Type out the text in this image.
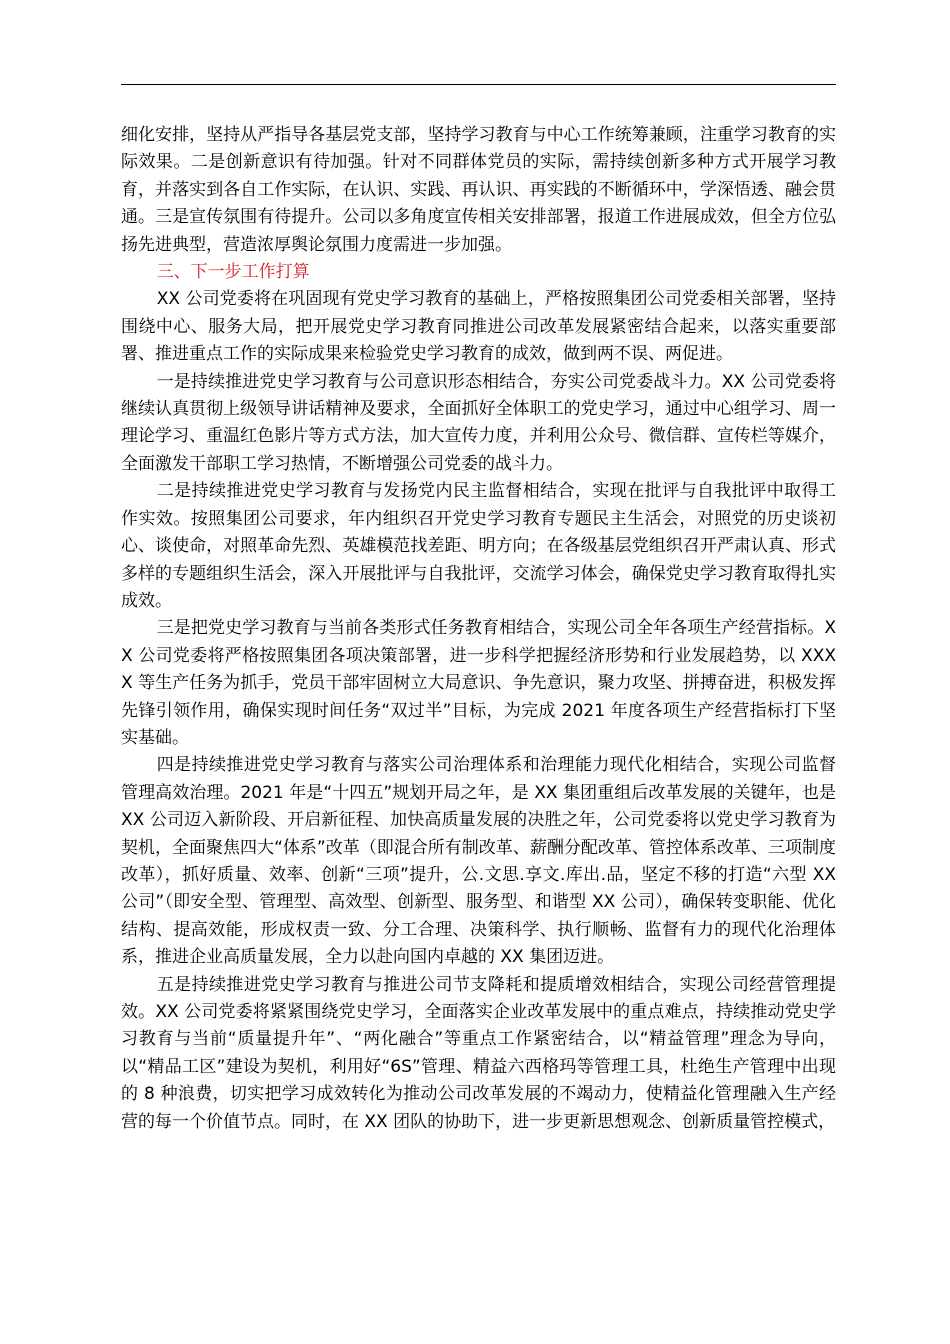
细化安排，坚持从严指导各基层党支部，坚持学习教育与中心工作统筹兼顾，注重学习教育的实际效果。二是创新意识有待加强。针对不同群体党员的实际，需持续创新多种方式开展学习教育，并落实到各自工作实际，在认识、实践、再认识、再实践的不断循环中，学深悟透、融会贯通。三是宣传氛围有待提升。公司以多角度宣传相关安排部署，报道工作进展成效，但全方位弘扬先进典型，营造浓厚舆论氛围力度需进一步加强。

三、下一步工作打算

XX 公司党委将在巩固现有党史学习教育的基础上，严格按照集团公司党委相关部署，坚持围绕中心、服务大局，把开展党史学习教育同推进公司改革发展紧密结合起来，以落实重要部署、推进重点工作的实际成果来检验党史学习教育的成效，做到两不误、两促进。

一是持续推进党史学习教育与公司意识形态相结合，夯实公司党委战斗力。XX 公司党委将继续认真贯彻上级领导讲话精神及要求，全面抓好全体职工的党史学习，通过中心组学习、周一理论学习、重温红色影片等方式方法，加大宣传力度，并利用公众号、微信群、宣传栏等媒介，全面激发干部职工学习热情，不断增强公司党委的战斗力。

二是持续推进党史学习教育与发扬党内民主监督相结合，实现在批评与自我批评中取得工作实效。按照集团公司要求，年内组织召开党史学习教育专题民主生活会，对照党的历史谈初心、谈使命，对照革命先烈、英雄模范找差距、明方向；在各级基层党组织召开严肃认真、形式多样的专题组织生活会，深入开展批评与自我批评，交流学习体会，确保党史学习教育取得扎实成效。

三是把党史学习教育与当前各类形式任务教育相结合，实现公司全年各项生产经营指标。XX 公司党委将严格按照集团各项决策部署，进一步科学把握经济形势和行业发展趋势，以 XXXX 等生产任务为抓手，党员干部牢固树立大局意识、争先意识，聚力攻坚、拼搏奋进，积极发挥先锋引领作用，确保实现时间任务“双过半”目标，为完成 2021 年度各项生产经营指标打下坚实基础。

四是持续推进党史学习教育与落实公司治理体系和治理能力现代化相结合，实现公司监督管理高效治理。2021 年是“十四五”规划开局之年，是 XX 集团重组后改革发展的关键年，也是 XX 公司迈入新阶段、开启新征程、加快高质量发展的决胜之年，公司党委将以党史学习教育为契机，全面聚焦四大“体系”改革（即混合所有制改革、薪酬分配改革、管控体系改革、三项制度改革），抓好质量、效率、创新“三项”提升，公.文思.享文.库出.品，坚定不移的打造“六型 XX 公司”（即安全型、管理型、高效型、创新型、服务型、和谐型 XX 公司），确保转变职能、优化结构、提高效能，形成权责一致、分工合理、决策科学、执行顺畅、监督有力的现代化治理体系，推进企业高质量发展，全力以赴向国内卓越的 XX 集团迈进。

五是持续推进党史学习教育与推进公司节支降耗和提质增效相结合，实现公司经营管理提效。XX 公司党委将紧紧围绕党史学习，全面落实企业改革发展中的重点难点，持续推动党史学习教育与当前“质量提升年”、“两化融合”等重点工作紧密结合，以“精益管理”理念为导向，以“精品工区”建设为契机，利用好“6S”管理、精益六西格玛等管理工具，杜绝生产管理中出现的 8 种浪费，切实把学习成效转化为推动公司改革发展的不竭动力，使精益化管理融入生产经营的每一个价值节点。同时，在 XX 团队的协助下，进一步更新思想观念、创新质量管控模式，
